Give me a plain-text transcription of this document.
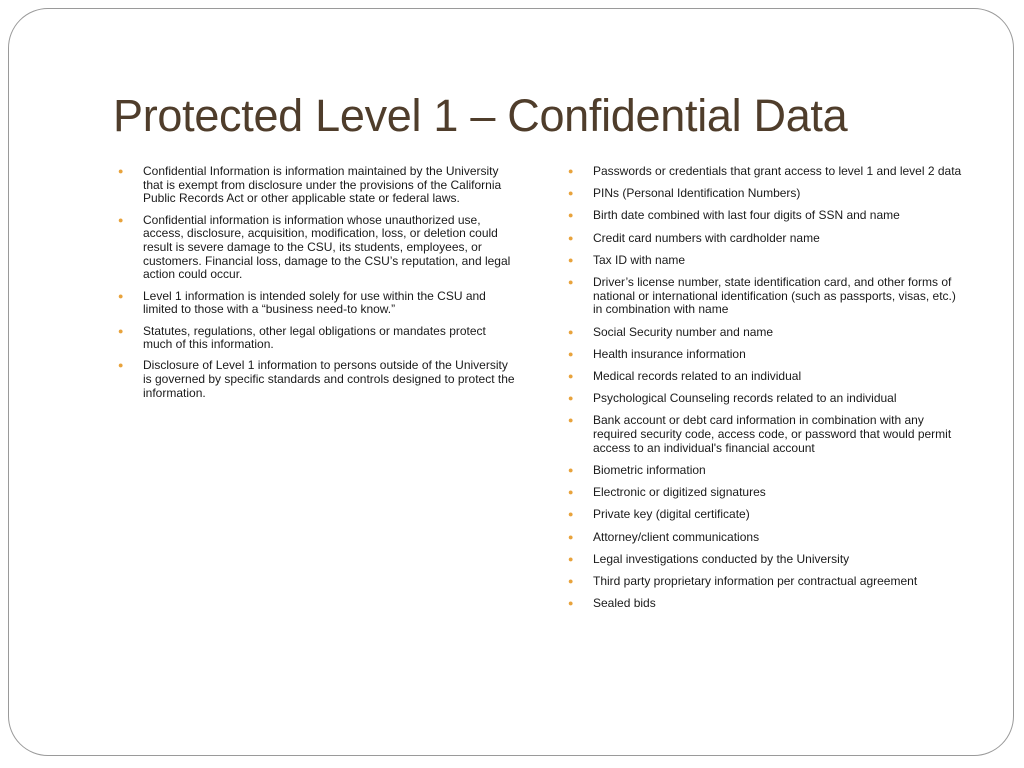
Protected Level 1 – Confidential Data
● Confidential Information is information maintained by the University that is exempt from disclosure under the provisions of the California Public Records Act or other applicable state or federal laws.
● Confidential information is information whose unauthorized use, access, disclosure, acquisition, modification, loss, or deletion could result is severe damage to the CSU, its students, employees, or customers. Financial loss, damage to the CSU’s reputation, and legal action could occur.
● Level 1 information is intended solely for use within the CSU and limited to those with a “business need-to know.”
● Statutes, regulations, other legal obligations or mandates protect much of this information.
● Disclosure of Level 1 information to persons outside of the University is governed by specific standards and controls designed to protect the information.
● Passwords or credentials that grant access to level 1 and level 2 data
● PINs (Personal Identification Numbers)
● Birth date combined with last four digits of SSN and name
● Credit card numbers with cardholder name
● Tax ID with name
● Driver’s license number, state identification card, and other forms of national or international identification (such as passports, visas, etc.) in combination with name
● Social Security number and name
● Health insurance information
● Medical records related to an individual
● Psychological Counseling records related to an individual
● Bank account or debt card information in combination with any required security code, access code, or password that would permit access to an individual's financial account
● Biometric information
● Electronic or digitized signatures
● Private key (digital certificate)
● Attorney/client communications
● Legal investigations conducted by the University
● Third party proprietary information per contractual agreement
● Sealed bids
